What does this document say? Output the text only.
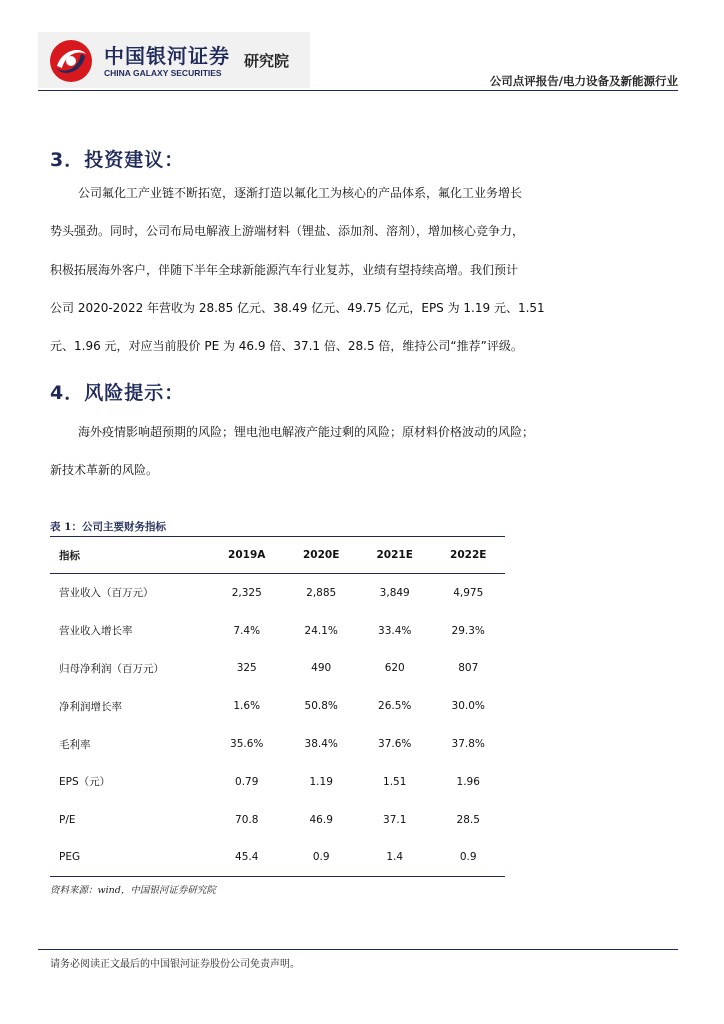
中国银河证券
CHINA GALAXY SECURITIES
研究院
公司点评报告/电力设备及新能源行业
3．投资建议：
公司氟化工产业链不断拓宽，逐渐打造以氟化工为核心的产品体系，氟化工业务增长
势头强劲。同时，公司布局电解液上游端材料（锂盐、添加剂、溶剂），增加核心竞争力，
积极拓展海外客户，伴随下半年全球新能源汽车行业复苏，业绩有望持续高增。我们预计
公司 2020-2022 年营收为 28.85 亿元、38.49 亿元、49.75 亿元，EPS 为 1.19 元、1.51
元、1.96 元，对应当前股价 PE 为 46.9 倍、37.1 倍、28.5 倍，维持公司“推荐”评级。
4．风险提示：
海外疫情影响超预期的风险；锂电池电解液产能过剩的风险；原材料价格波动的风险；
新技术革新的风险。
表 1：公司主要财务指标
指标	2019A	2020E	2021E	2022E
营业收入（百万元）	2,325	2,885	3,849	4,975
营业收入增长率	7.4%	24.1%	33.4%	29.3%
归母净利润（百万元）	325	490	620	807
净利润增长率	1.6%	50.8%	26.5%	30.0%
毛利率	35.6%	38.4%	37.6%	37.8%
EPS（元）	0.79	1.19	1.51	1.96
P/E	70.8	46.9	37.1	28.5
PEG	45.4	0.9	1.4	0.9
资料来源：wind，中国银河证券研究院
请务必阅读正文最后的中国银河证券股份公司免责声明。
